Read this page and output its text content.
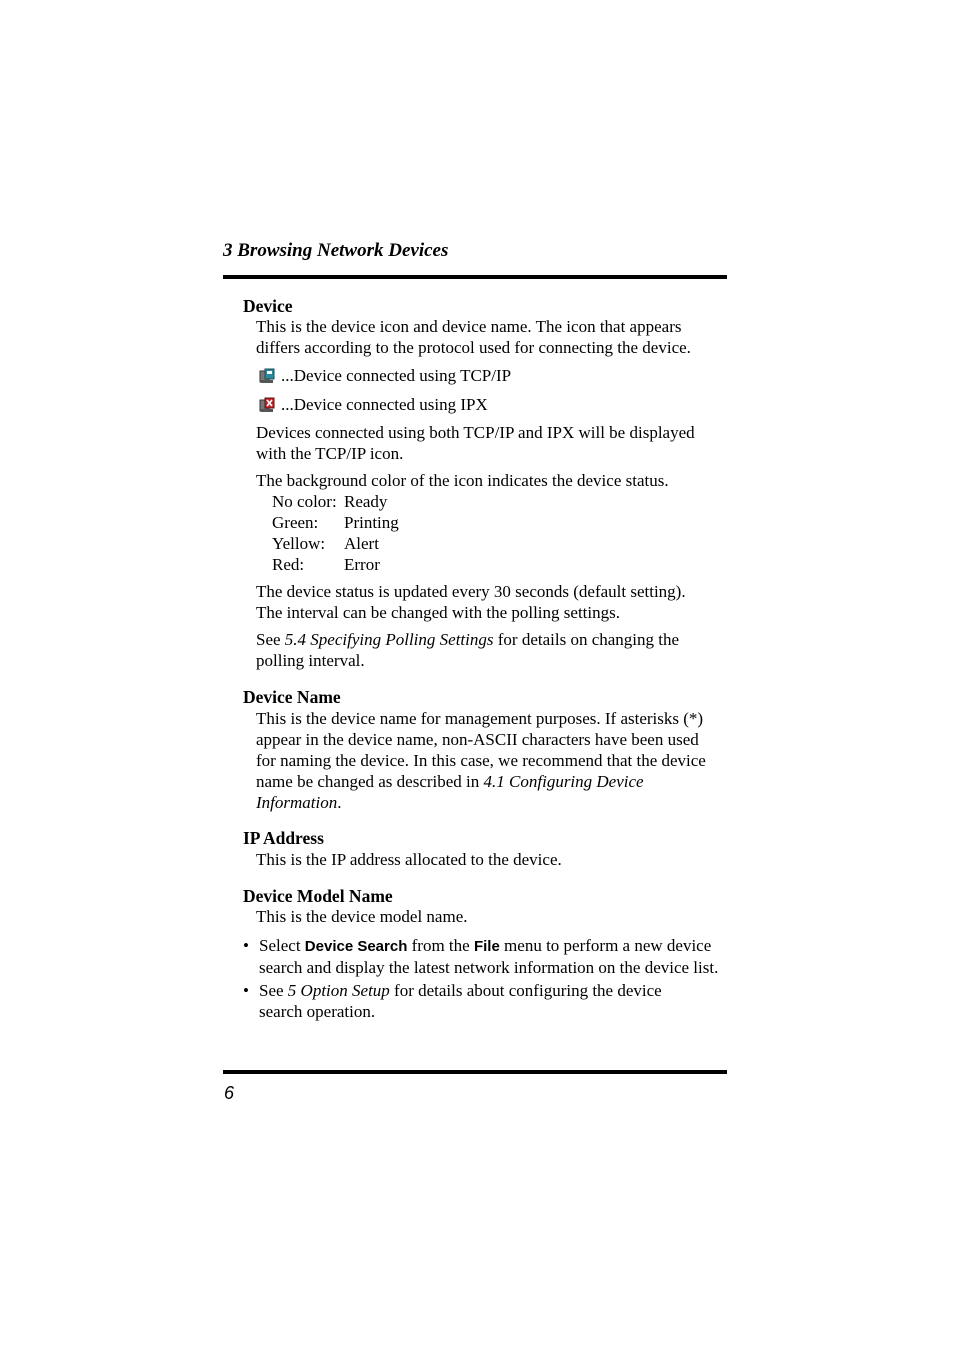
3 Browsing Network Devices
Device
This is the device icon and device name. The icon that appears
differs according to the protocol used for connecting the device.
... Device connected using TCP/IP
... Device connected using IPX
Devices connected using both TCP/IP and IPX will be displayed
with the TCP/IP icon.
The background color of the icon indicates the device status.
No color: Ready
Green: Printing
Yellow: Alert
Red: Error
The device status is updated every 30 seconds (default setting).
The interval can be changed with the polling settings.
See 5.4 Specifying Polling Settings for details on changing the
polling interval.
Device Name
This is the device name for management purposes. If asterisks (*)
appear in the device name, non-ASCII characters have been used
for naming the device. In this case, we recommend that the device
name be changed as described in 4.1 Configuring Device
Information.
IP Address
This is the IP address allocated to the device.
Device Model Name
This is the device model name.
• Select Device Search from the File menu to perform a new device
search and display the latest network information on the device list.
• See 5 Option Setup for details about configuring the device
search operation.
6
